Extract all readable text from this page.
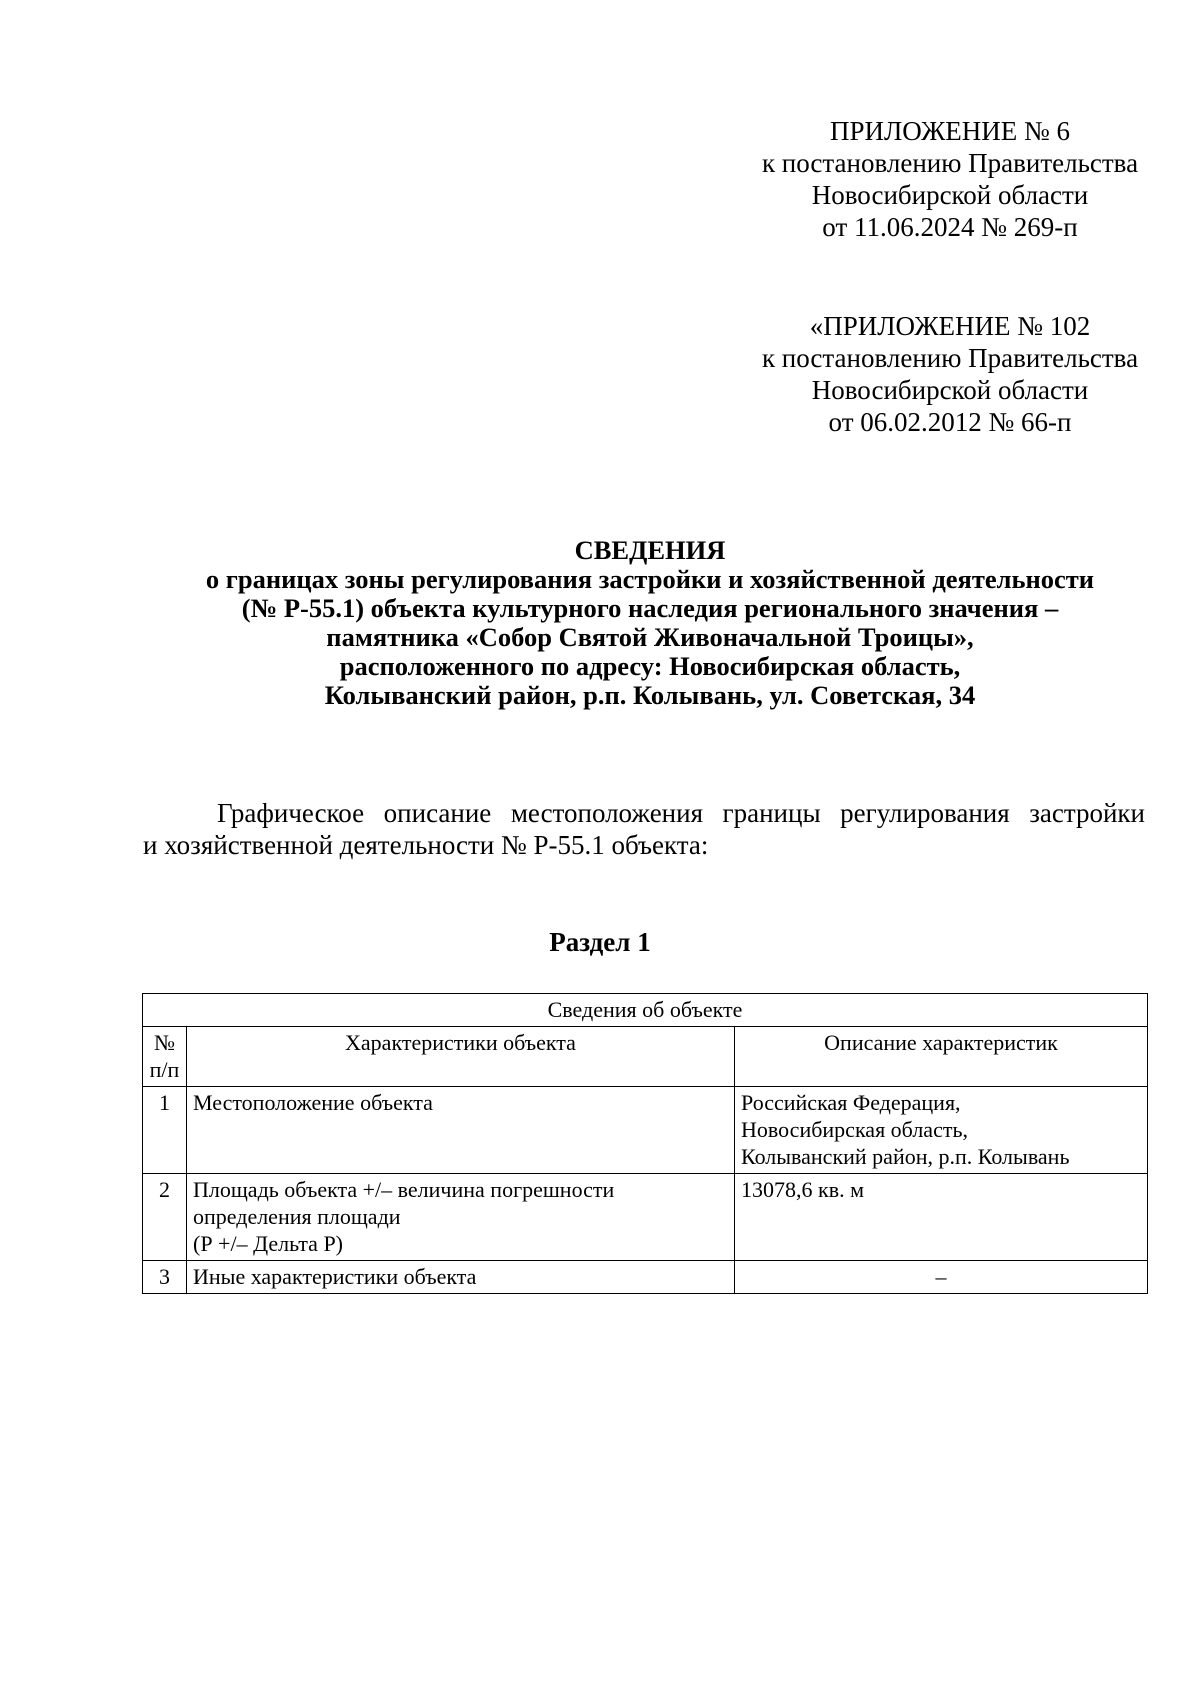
ПРИЛОЖЕНИЕ № 6
к постановлению Правительства
Новосибирской области
от 11.06.2024 № 269-п
«ПРИЛОЖЕНИЕ № 102
к постановлению Правительства
Новосибирской области
от 06.02.2012 № 66-п
СВЕДЕНИЯ
о границах зоны регулирования застройки и хозяйственной деятельности
(№ Р-55.1) объекта культурного наследия регионального значения –
памятника «Собор Святой Живоначальной Троицы»,
расположенного по адресу: Новосибирская область,
Колыванский район, р.п. Колывань, ул. Советская, 34
Графическое описание местоположения границы регулирования застройки
и хозяйственной деятельности № Р-55.1 объекта:
Раздел 1
Сведения об объекте		

№
п/п	Характеристики объекта	Описание характеристик
1	Местоположение объекта	Российская Федерация,
Новосибирская область,
Колыванский район, р.п. Колывань

2	Площадь объекта +/– величина погрешности
определения площади
(Р +/– Дельта Р)	13078,6 кв. м

3	Иные характеристики объекта	–
